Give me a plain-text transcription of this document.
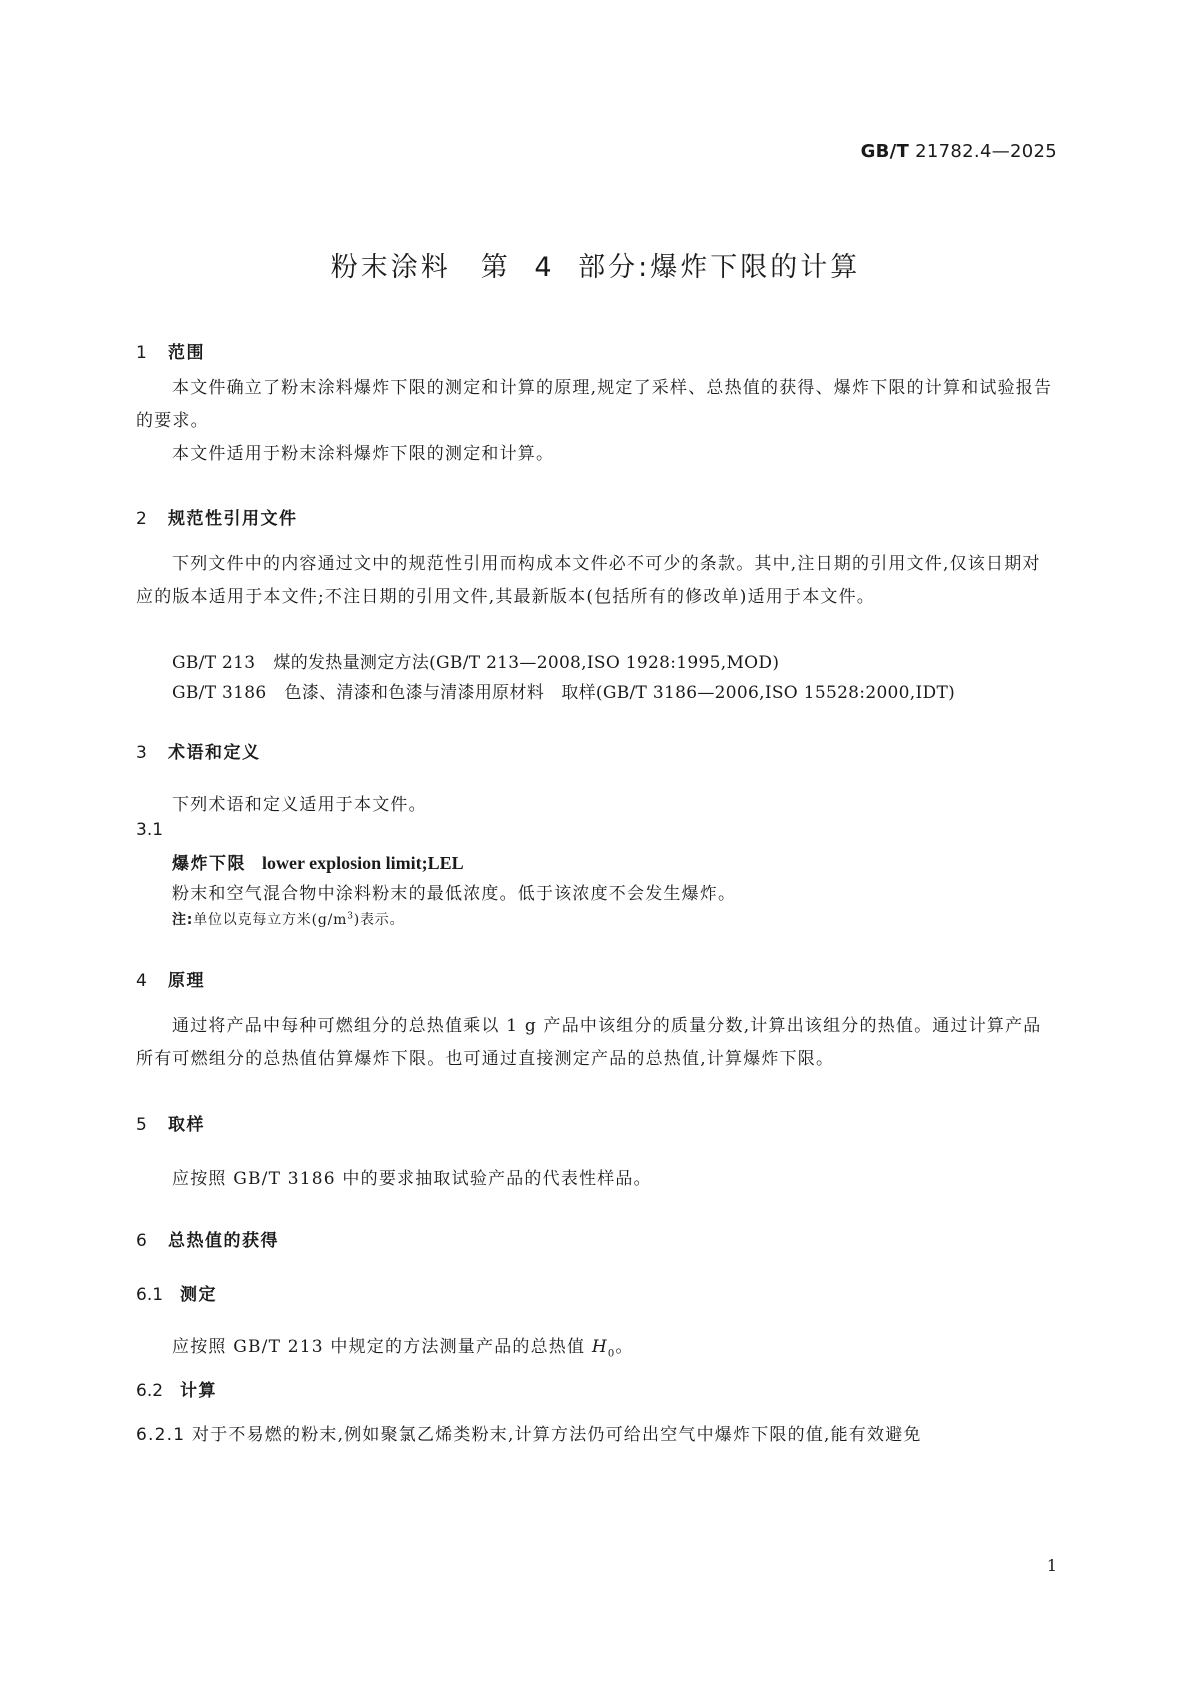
GB/T 21782.4—2025
粉末涂料　第 4 部分:爆炸下限的计算
1 范围
本文件确立了粉末涂料爆炸下限的测定和计算的原理,规定了采样、总热值的获得、爆炸下限的计算和试验报告的要求。
本文件适用于粉末涂料爆炸下限的测定和计算。
2 规范性引用文件
下列文件中的内容通过文中的规范性引用而构成本文件必不可少的条款。其中,注日期的引用文件,仅该日期对应的版本适用于本文件;不注日期的引用文件,其最新版本(包括所有的修改单)适用于本文件。
GB/T 213 煤的发热量测定方法(GB/T 213—2008,ISO 1928:1995,MOD)
GB/T 3186 色漆、清漆和色漆与清漆用原材料　取样(GB/T 3186—2006,ISO 15528:2000,IDT)
3 术语和定义
下列术语和定义适用于本文件。
3.1
爆炸下限 lower explosion limit;LEL
粉末和空气混合物中涂料粉末的最低浓度。低于该浓度不会发生爆炸。
注:单位以克每立方米$(g/m^3)$表示。
4 原理
通过将产品中每种可燃组分的总热值乘以 1 g 产品中该组分的质量分数,计算出该组分的热值。通过计算产品所有可燃组分的总热值估算爆炸下限。也可通过直接测定产品的总热值,计算爆炸下限。
5 取样
应按照 GB/T 3186 中的要求抽取试验产品的代表性样品。
6 总热值的获得
6.1 测定
应按照 GB/T 213 中规定的方法测量产品的总热值 $H_0$。
6.2 计算
6.2.1 对于不易燃的粉末,例如聚氯乙烯类粉末,计算方法仍可给出空气中爆炸下限的值,能有效避免
1
